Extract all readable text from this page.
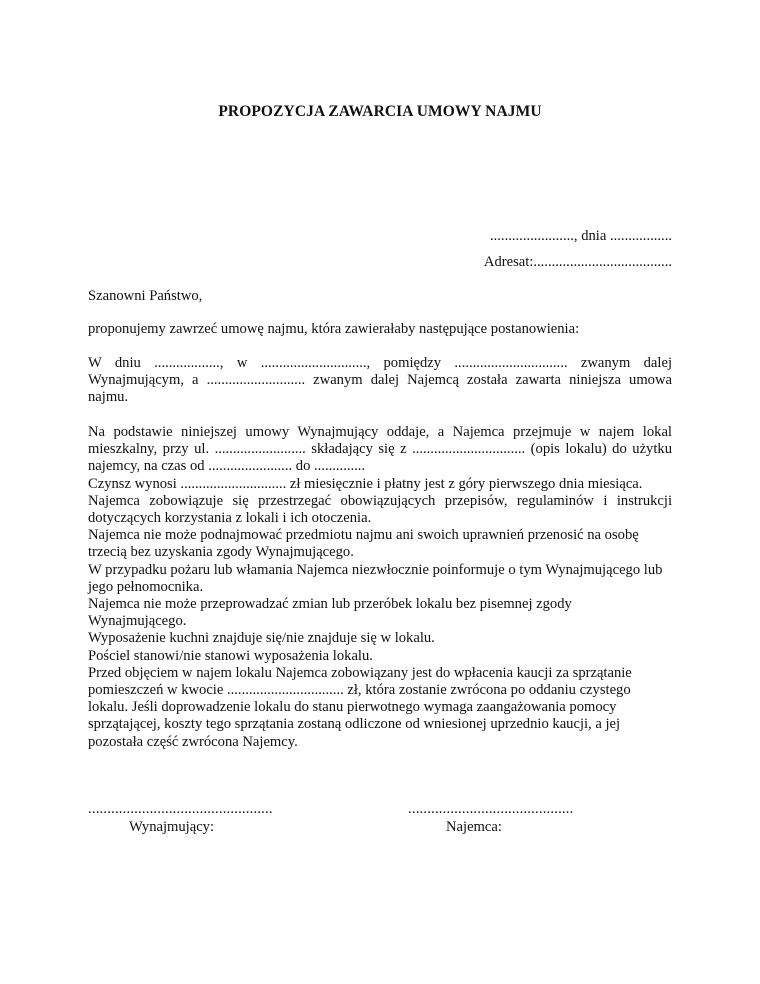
PROPOZYCJA ZAWARCIA UMOWY NAJMU
......................., dnia .................
Adresat:......................................
Szanowni Państwo,
proponujemy zawrzeć umowę najmu, która zawierałaby następujące postanowienia:
W dniu .................., w ............................., pomiędzy ............................... zwanym dalej Wynajmującym, a ........................... zwanym dalej Najemcą została zawarta niniejsza umowa najmu.

Na podstawie niniejszej umowy Wynajmujący oddaje, a Najemca przejmuje w najem lokal mieszkalny, przy ul. ......................... składający się z ............................... (opis lokalu) do użytku najemcy, na czas od ....................... do ..............

Czynsz wynosi ............................. zł miesięcznie i płatny jest z góry pierwszego dnia miesiąca.

Najemca zobowiązuje się przestrzegać obowiązujących przepisów, regulaminów i instrukcji dotyczących korzystania z lokali i ich otoczenia.

Najemca nie może podnajmować przedmiotu najmu ani swoich uprawnień przenosić na osobę trzecią bez uzyskania zgody Wynajmującego.

W przypadku pożaru lub włamania Najemca niezwłocznie poinformuje o tym Wynajmującego lub jego pełnomocnika.

Najemca nie może przeprowadzać zmian lub przeróbek lokalu bez pisemnej zgody Wynajmującego.

Wyposażenie kuchni znajduje się/nie znajduje się w lokalu.

Pościel stanowi/nie stanowi wyposażenia lokalu.

Przed objęciem w najem lokalu Najemca zobowiązany jest do wpłacenia kaucji za sprzątanie pomieszczeń w kwocie ................................ zł, która zostanie zwrócona po oddaniu czystego lokalu. Jeśli doprowadzenie lokalu do stanu pierwotnego wymaga zaangażowania pomocy sprzątającej, koszty tego sprzątania zostaną odliczone od wniesionej uprzednio kaucji, a jej pozostała część zwrócona Najemcy.

................................................	...........................................
Wynajmujący:	Najemca:
